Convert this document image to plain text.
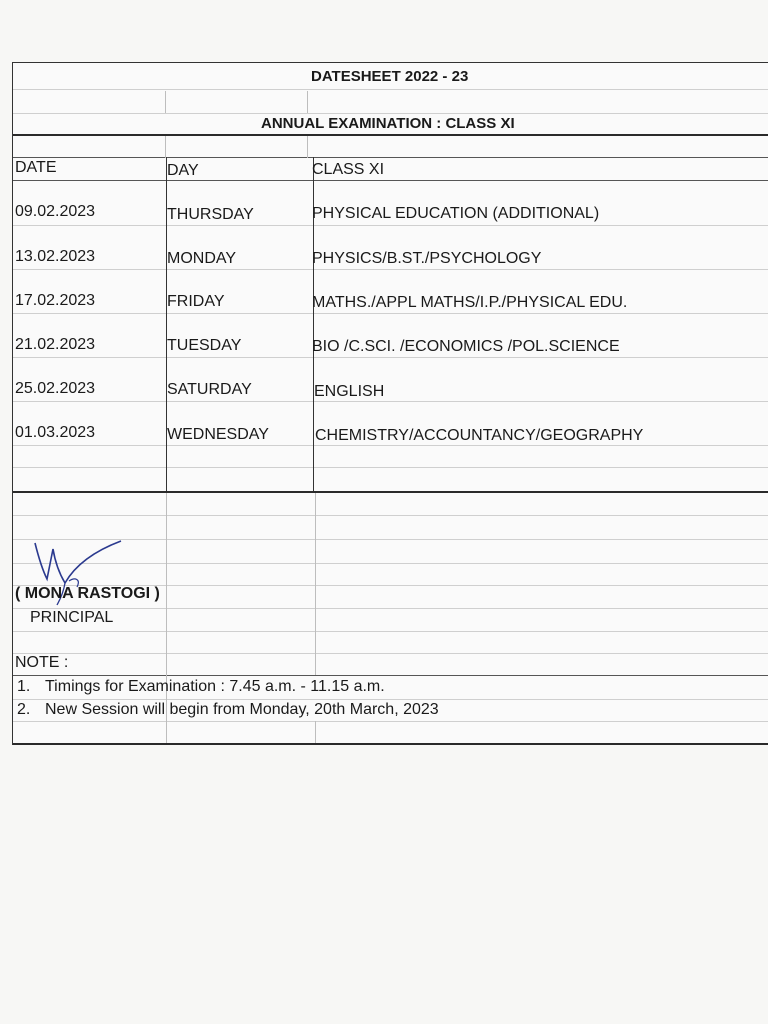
DATESHEET 2022 - 23
ANNUAL EXAMINATION : CLASS XI
DATE	DAY	CLASS XI
09.02.2023	THURSDAY	PHYSICAL EDUCATION (ADDITIONAL)
13.02.2023	MONDAY	PHYSICS/B.ST./PSYCHOLOGY
17.02.2023	FRIDAY	MATHS./APPL MATHS/I.P./PHYSICAL EDU.
21.02.2023	TUESDAY	BIO /C.SCI. /ECONOMICS /POL.SCIENCE
25.02.2023	SATURDAY	ENGLISH
01.03.2023	WEDNESDAY	CHEMISTRY/ACCOUNTANCY/GEOGRAPHY
( MONA RASTOGI )
PRINCIPAL
NOTE :
1. Timings for Examination : 7.45 a.m. - 11.15 a.m.
2. New Session will begin from Monday, 20th March, 2023
